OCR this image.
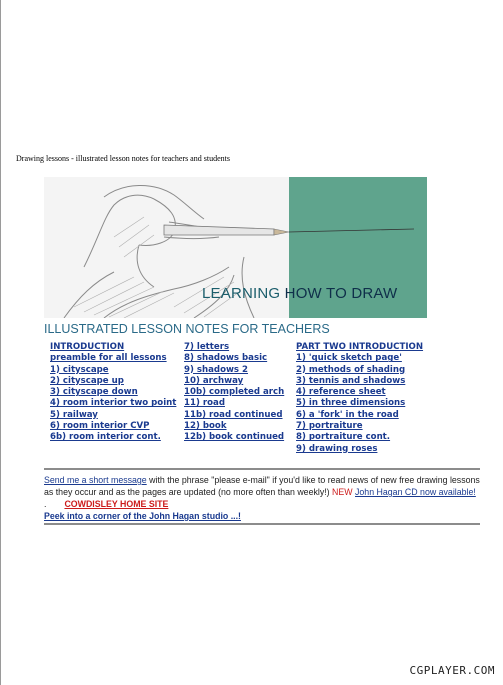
Drawing lessons - illustrated lesson notes for teachers and students
LEARNING HOW TO DRAW
ILLUSTRATED LESSON NOTES FOR TEACHERS
INTRODUCTION
preamble for all lessons
1) cityscape
2) cityscape up
3) cityscape down
4) room interior two point
5) railway
6) room interior CVP
6b) room interior cont.
7) letters
8) shadows basic
9) shadows 2
10) archway
10b) completed arch
11) road
11b) road continued
12) book
12b) book continued
PART TWO INTRODUCTION
1) 'quick sketch page'
2) methods of shading
3) tennis and shadows
4) reference sheet
5) in three dimensions
6) a 'fork' in the road
7) portraiture
8) portraiture cont.
9) drawing roses
Send me a short message with the phrase "please e-mail" if you'd like to read news of new free drawing lessons as they occur and as the pages are updated (no more often than weekly!) NEW John Hagan CD now available! . COWDISLEY HOME SITE
Peek into a corner of the John Hagan studio ...!
CGPLAYER.COM
